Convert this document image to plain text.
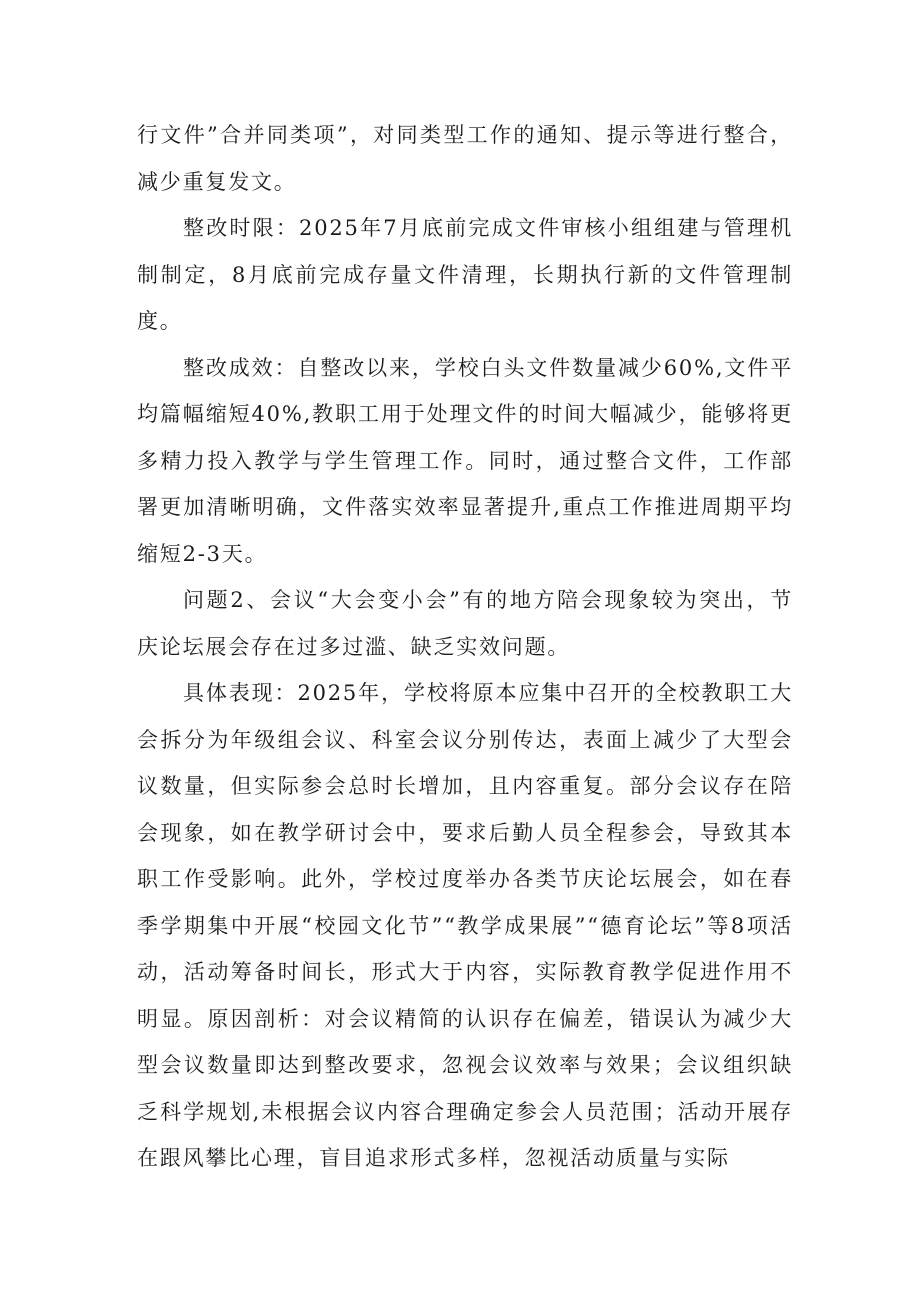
行文件”合并同类项”，对同类型工作的通知、提示等进行整合，减少重复发文。

整改时限：2025年7月底前完成文件审核小组组建与管理机制制定，8月底前完成存量文件清理，长期执行新的文件管理制度。

整改成效：自整改以来，学校白头文件数量减少60%,文件平均篇幅缩短40%,教职工用于处理文件的时间大幅减少，能够将更多精力投入教学与学生管理工作。同时，通过整合文件，工作部署更加清晰明确，文件落实效率显著提升,重点工作推进周期平均缩短2-3天。

问题2、会议“大会变小会”有的地方陪会现象较为突出，节庆论坛展会存在过多过滥、缺乏实效问题。

具体表现：2025年，学校将原本应集中召开的全校教职工大会拆分为年级组会议、科室会议分别传达，表面上减少了大型会议数量，但实际参会总时长增加，且内容重复。部分会议存在陪会现象，如在教学研讨会中，要求后勤人员全程参会，导致其本职工作受影响。此外，学校过度举办各类节庆论坛展会，如在春季学期集中开展“校园文化节”“教学成果展”“德育论坛”等8项活动，活动筹备时间长，形式大于内容，实际教育教学促进作用不明显。原因剖析：对会议精简的认识存在偏差，错误认为减少大型会议数量即达到整改要求，忽视会议效率与效果；会议组织缺乏科学规划,未根据会议内容合理确定参会人员范围；活动开展存在跟风攀比心理，盲目追求形式多样，忽视活动质量与实际
